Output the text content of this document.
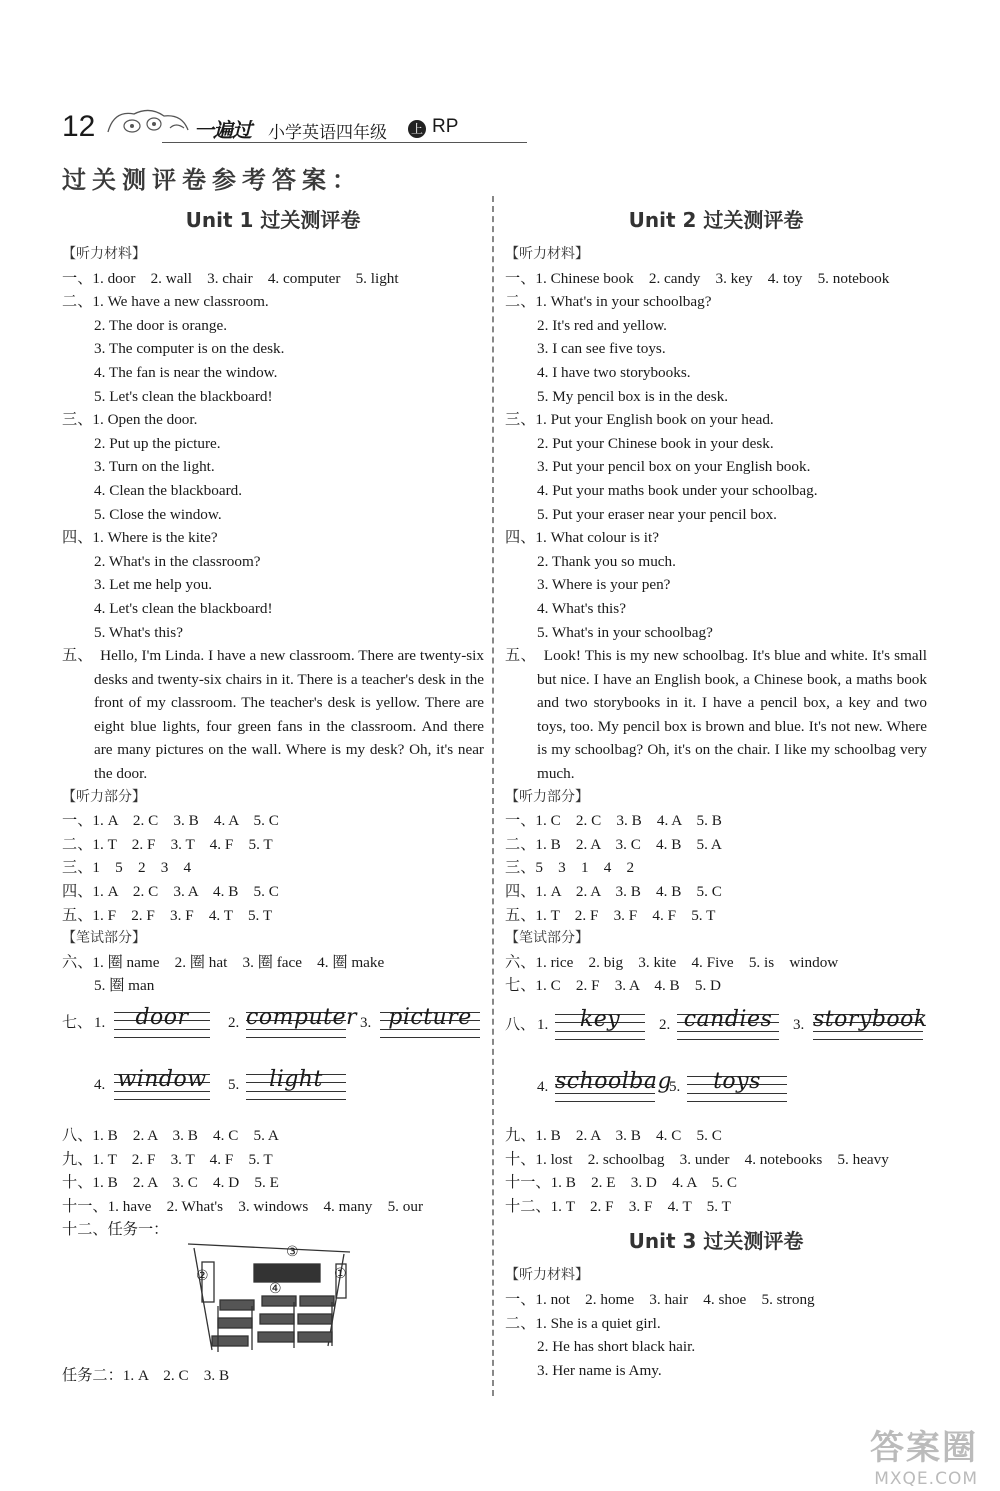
12	一遍过 小学英语四年级 上 RP
过关测评卷参考答案：
Unit 1 过关测评卷
【听力材料】
一、1. door　2. wall　3. chair　4. computer　5. light
二、1. We have a new classroom.
2. The door is orange.
3. The computer is on the desk.
4. The fan is near the window.
5. Let's clean the blackboard!
三、1. Open the door.
2. Put up the picture.
3. Turn on the light.
4. Clean the blackboard.
5. Close the window.
四、1. Where is the kite?
2. What's in the classroom?
3. Let me help you.
4. Let's clean the blackboard!
5. What's this?
五、　Hello, I'm Linda. I have a new classroom. There are twenty-six desks and twenty-six chairs in it. There is a teacher's desk in the front of my classroom. The teacher's desk is yellow. There are eight blue lights, four green fans in the classroom. And there are many pictures on the wall. Where is my desk? Oh, it's near the door.
【听力部分】
一、1. A　2. C　3. B　4. A　5. C
二、1. T　2. F　3. T　4. F　5. T
三、1　5　2　3　4
四、1. A　2. C　3. A　4. B　5. C
五、1. F　2. F　3. F　4. T　5. T
【笔试部分】
六、1. 圈 name　2. 圈 hat　3. 圈 face　4. 圈 make
5. 圈 man
七、 1.	door	2. computer 3. picture
4. window 5.	light
八、1. B　2. A　3. B　4. C　5. A
九、1. T　2. F　3. T　4. F　5. T
十、1. B　2. A　3. C　4. D　5. E
十一、1. have　2. What's　3. windows　4. many　5. our
十二、任务一：
③
②
④
①
任务二：1. A　2. C　3. B
Unit 2 过关测评卷
【听力材料】
一、1. Chinese book　2. candy　3. key　4. toy　5. notebook
二、1. What's in your schoolbag?
2. It's red and yellow.
3. I can see five toys.
4. I have two storybooks.
5. My pencil box is in the desk.
三、1. Put your English book on your head.
2. Put your Chinese book in your desk.
3. Put your pencil box on your English book.
4. Put your maths book under your schoolbag.
5. Put your eraser near your pencil box.
四、1. What colour is it?
2. Thank you so much.
3. Where is your pen?
4. What's this?
5. What's in your schoolbag?
五、　Look! This is my new schoolbag. It's blue and white. It's small but nice. I have an English book, a Chinese book, a maths book and two storybooks in it. I have a pencil box, a key and two toys, too. My pencil box is brown and blue. It's not new. Where is my schoolbag? Oh, it's on the chair. I like my schoolbag very much.
【听力部分】
一、1. C　2. C　3. B　4. A　5. B
二、1. B　2. A　3. C　4. B　5. A
三、5　3　1　4　2
四、1. A　2. A　3. B　4. B　5. C
五、1. T　2. F　3. F　4. F　5. T
【笔试部分】
六、1. rice　2. big　3. kite　4. Five　5. is　window
七、1. C　2. F　3. A　4. B　5. D
八、 1.	key	2. candies	3. storybook
4. schoolbag
5.	toys
九、1. B　2. A　3. B　4. C　5. C
十、1. lost　2. schoolbag　3. under　4. notebooks　5. heavy
十一、1. B　2. E　3. D　4. A　5. C
十二、1. T　2. F　3. F　4. T　5. T
Unit 3 过关测评卷
【听力材料】
一、1. not　2. home　3. hair　4. shoe　5. strong
二、1. She is a quiet girl.
2. He has short black hair.
3. Her name is Amy.
答案圈
MXQE.COM
